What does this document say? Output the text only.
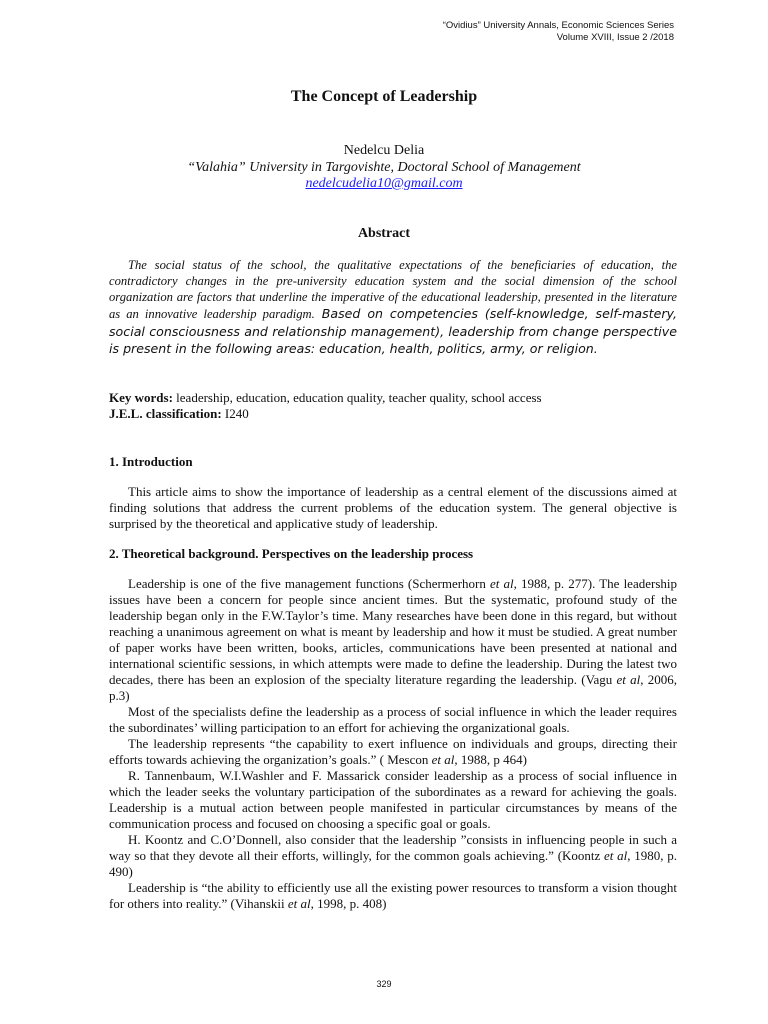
“Ovidius” University Annals, Economic Sciences Series
Volume XVIII, Issue 2 /2018
The Concept of Leadership
Nedelcu Delia
“Valahia” University in Targovishte, Doctoral School of Management
nedelcudelia10@gmail.com
Abstract

The social status of the school, the qualitative expectations of the beneficiaries of education, the contradictory changes in the pre-university education system and the social dimension of the school organization are factors that underline the imperative of the educational leadership, presented in the literature as an innovative leadership paradigm. Based on competencies (self-knowledge, self-mastery, social consciousness and relationship management), leadership from change perspective is present in the following areas: education, health, politics, army, or religion.

Key words: leadership, education, education quality, teacher quality, school access
J.E.L. classification: I240
1. Introduction

This article aims to show the importance of leadership as a central element of the discussions aimed at finding solutions that address the current problems of the education system. The general objective is surprised by the theoretical and applicative study of leadership.

2. Theoretical background. Perspectives on the leadership process

Leadership is one of the five management functions (Schermerhorn et al, 1988, p. 277). The leadership issues have been a concern for people since ancient times. But the systematic, profound study of the leadership began only in the F.W.Taylor’s time. Many researches have been done in this regard, but without reaching a unanimous agreement on what is meant by leadership and how it must be studied. A great number of paper works have been written, books, articles, communications have been presented at national and international scientific sessions, in which attempts were made to define the leadership. During the latest two decades, there has been an explosion of the specialty literature regarding the leadership. (Vagu et al, 2006, p.3)

Most of the specialists define the leadership as a process of social influence in which the leader requires the subordinates’ willing participation to an effort for achieving the organizational goals.

The leadership represents “the capability to exert influence on individuals and groups, directing their efforts towards achieving the organization’s goals.” ( Mescon et al, 1988, p 464)

R. Tannenbaum, W.I.Washler and F. Massarick consider leadership as a process of social influence in which the leader seeks the voluntary participation of the subordinates as a reward for achieving the goals. Leadership is a mutual action between people manifested in particular circumstances by means of the communication process and focused on choosing a specific goal or goals.

H. Koontz and C.O’Donnell, also consider that the leadership ”consists in influencing people in such a way so that they devote all their efforts, willingly, for the common goals achieving.” (Koontz et al, 1980, p. 490)

Leadership is “the ability to efficiently use all the existing power resources to transform a vision thought for others into reality.” (Vihanskii et al, 1998, p. 408)

329
